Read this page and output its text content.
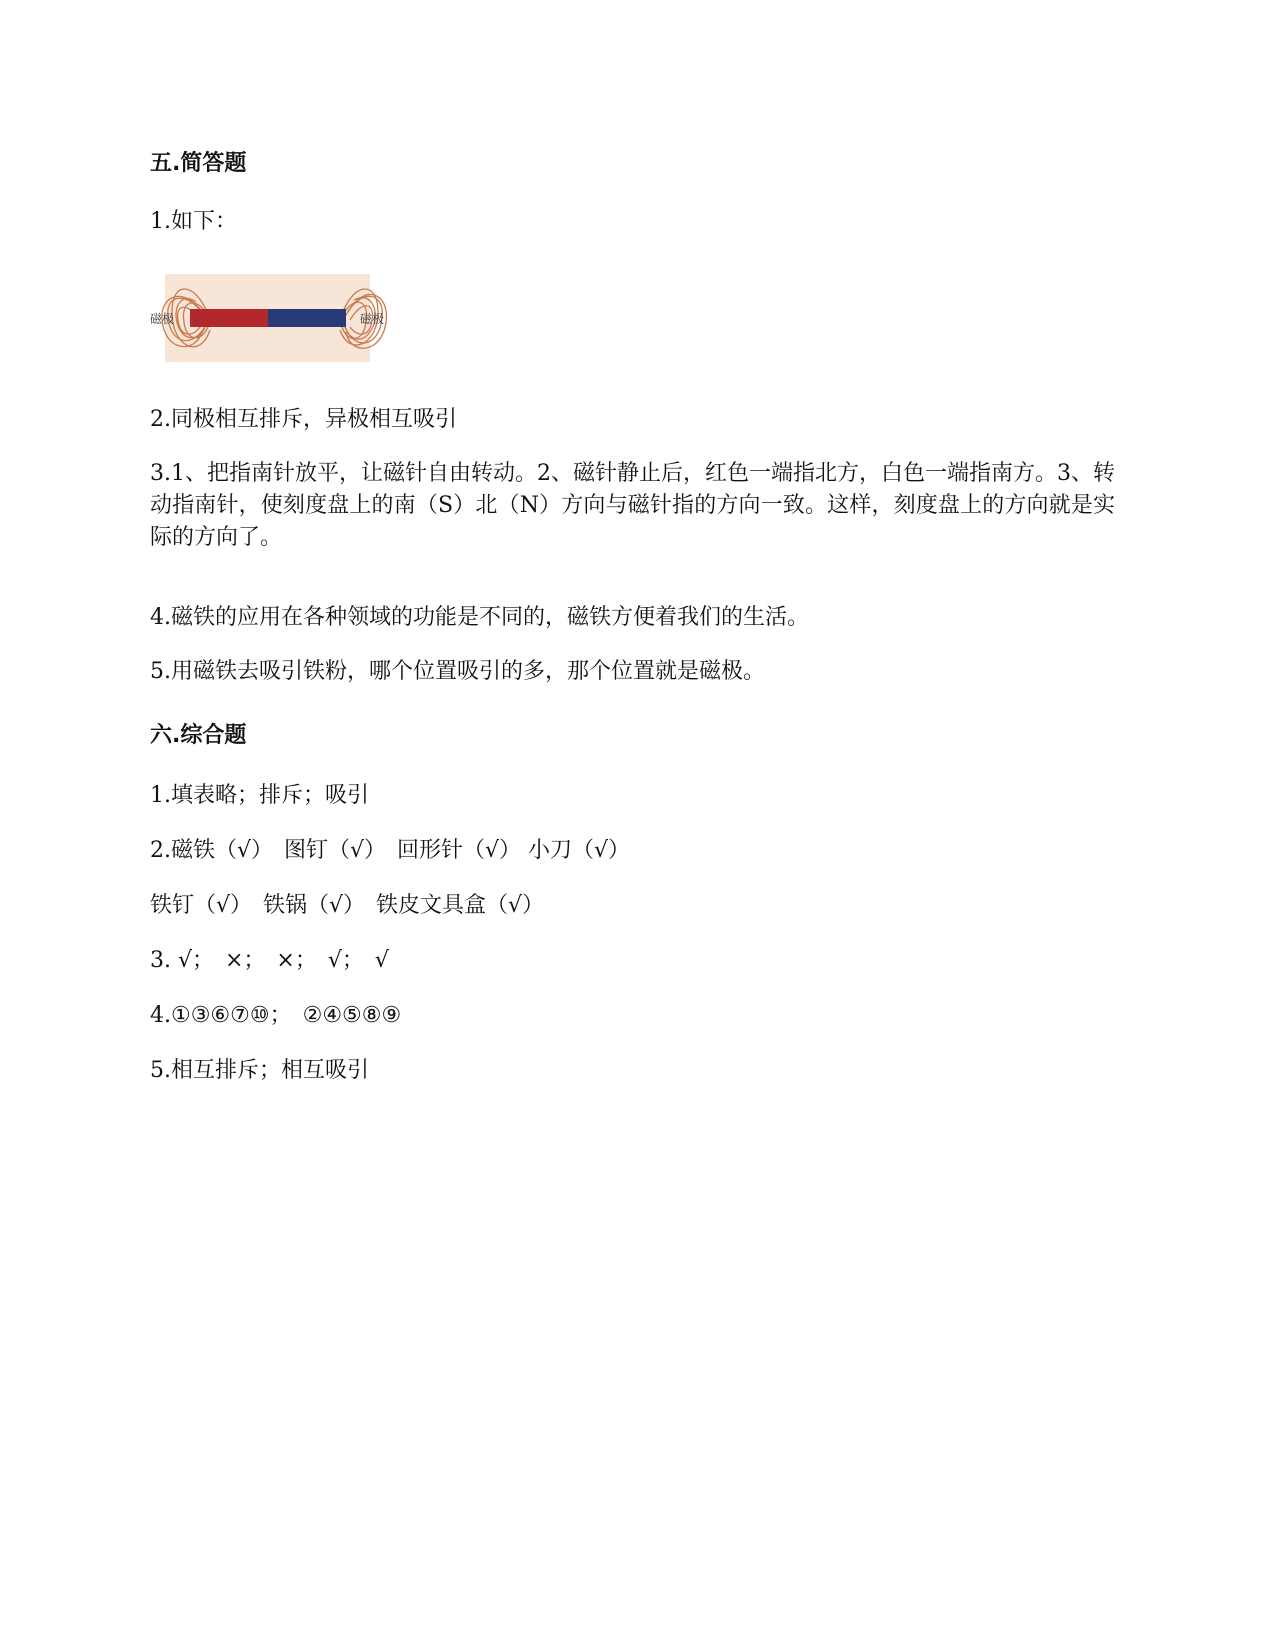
五.简答题
1.如下：
磁极	磁极
2.同极相互排斥，异极相互吸引
3.1、把指南针放平，让磁针自由转动。2、磁针静止后，红色一端指北方，白色一端指南方。3、转动指南针，使刻度盘上的南（S）北（N）方向与磁针指的方向一致。这样，刻度盘上的方向就是实际的方向了。
4.磁铁的应用在各种领域的功能是不同的，磁铁方便着我们的生活。
5.用磁铁去吸引铁粉，哪个位置吸引的多，那个位置就是磁极。
六.综合题
1.填表略；排斥；吸引
2.磁铁（√）　图钉（√）　回形针（√） 小刀（√）
铁钉（√）　铁锅（√）　铁皮文具盒（√）
3. √；　×；　×；　√；　√
4.①③⑥⑦⑩；　②④⑤⑧⑨
5.相互排斥；相互吸引
